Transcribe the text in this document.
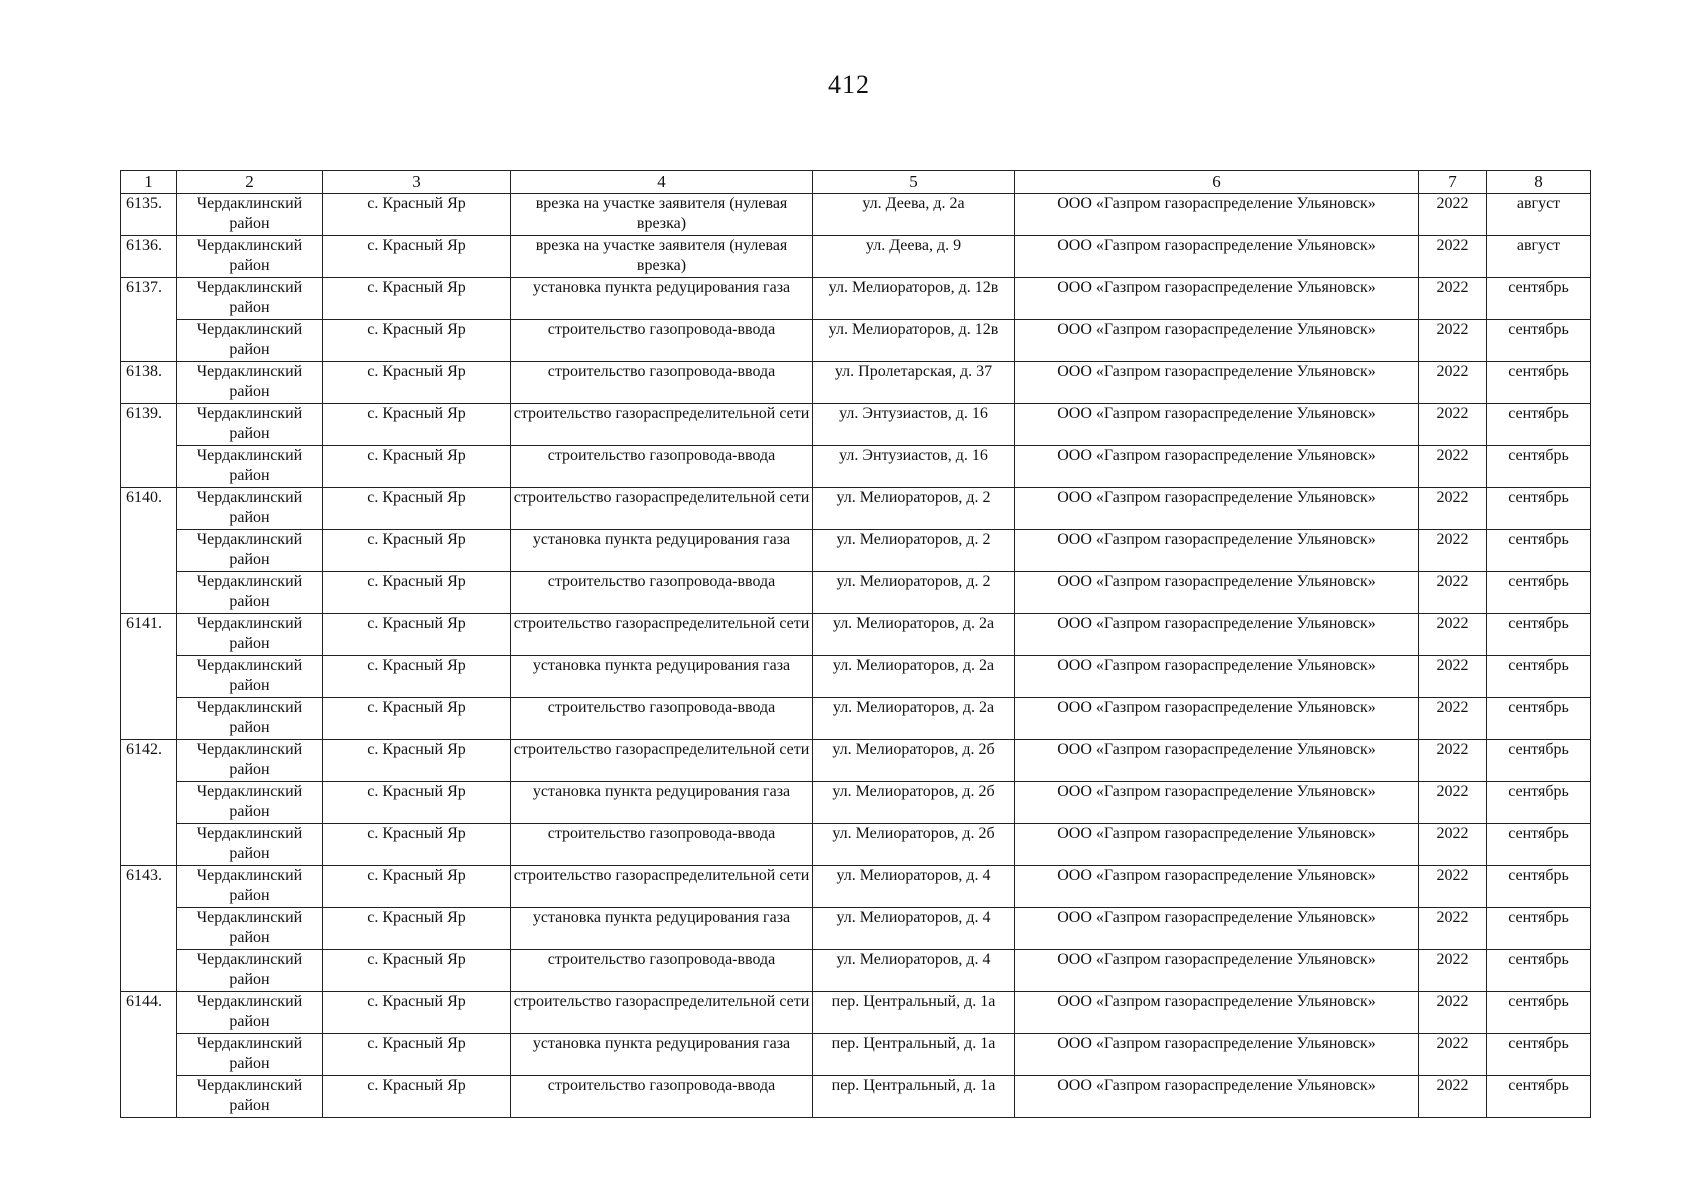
412
1	2	3	4	5	6	7	8
6135.	Чердаклинский район	с. Красный Яр	врезка на участке заявителя (нулевая врезка)	ул. Деева, д. 2а	ООО «Газпром газораспределение Ульяновск»	2022	август
6136.	Чердаклинский район	с. Красный Яр	врезка на участке заявителя (нулевая врезка)	ул. Деева, д. 9	ООО «Газпром газораспределение Ульяновск»	2022	август
6137.	Чердаклинский район	с. Красный Яр	установка пункта редуцирования газа	ул. Мелиораторов, д. 12в	ООО «Газпром газораспределение Ульяновск»	2022	сентябрь
	Чердаклинский район	с. Красный Яр	строительство газопровода-ввода	ул. Мелиораторов, д. 12в	ООО «Газпром газораспределение Ульяновск»	2022	сентябрь
6138.	Чердаклинский район	с. Красный Яр	строительство газопровода-ввода	ул. Пролетарская, д. 37	ООО «Газпром газораспределение Ульяновск»	2022	сентябрь
6139.	Чердаклинский район	с. Красный Яр	строительство газораспределительной сети	ул. Энтузиастов, д. 16	ООО «Газпром газораспределение Ульяновск»	2022	сентябрь
	Чердаклинский район	с. Красный Яр	строительство газопровода-ввода	ул. Энтузиастов, д. 16	ООО «Газпром газораспределение Ульяновск»	2022	сентябрь
6140.	Чердаклинский район	с. Красный Яр	строительство газораспределительной сети	ул. Мелиораторов, д. 2	ООО «Газпром газораспределение Ульяновск»	2022	сентябрь
	Чердаклинский район	с. Красный Яр	установка пункта редуцирования газа	ул. Мелиораторов, д. 2	ООО «Газпром газораспределение Ульяновск»	2022	сентябрь
	Чердаклинский район	с. Красный Яр	строительство газопровода-ввода	ул. Мелиораторов, д. 2	ООО «Газпром газораспределение Ульяновск»	2022	сентябрь
6141.	Чердаклинский район	с. Красный Яр	строительство газораспределительной сети	ул. Мелиораторов, д. 2а	ООО «Газпром газораспределение Ульяновск»	2022	сентябрь
	Чердаклинский район	с. Красный Яр	установка пункта редуцирования газа	ул. Мелиораторов, д. 2а	ООО «Газпром газораспределение Ульяновск»	2022	сентябрь
	Чердаклинский район	с. Красный Яр	строительство газопровода-ввода	ул. Мелиораторов, д. 2а	ООО «Газпром газораспределение Ульяновск»	2022	сентябрь
6142.	Чердаклинский район	с. Красный Яр	строительство газораспределительной сети	ул. Мелиораторов, д. 2б	ООО «Газпром газораспределение Ульяновск»	2022	сентябрь
	Чердаклинский район	с. Красный Яр	установка пункта редуцирования газа	ул. Мелиораторов, д. 2б	ООО «Газпром газораспределение Ульяновск»	2022	сентябрь
	Чердаклинский район	с. Красный Яр	строительство газопровода-ввода	ул. Мелиораторов, д. 2б	ООО «Газпром газораспределение Ульяновск»	2022	сентябрь
6143.	Чердаклинский район	с. Красный Яр	строительство газораспределительной сети	ул. Мелиораторов, д. 4	ООО «Газпром газораспределение Ульяновск»	2022	сентябрь
	Чердаклинский район	с. Красный Яр	установка пункта редуцирования газа	ул. Мелиораторов, д. 4	ООО «Газпром газораспределение Ульяновск»	2022	сентябрь
	Чердаклинский район	с. Красный Яр	строительство газопровода-ввода	ул. Мелиораторов, д. 4	ООО «Газпром газораспределение Ульяновск»	2022	сентябрь
6144.	Чердаклинский район	с. Красный Яр	строительство газораспределительной сети	пер. Центральный, д. 1а	ООО «Газпром газораспределение Ульяновск»	2022	сентябрь
	Чердаклинский район	с. Красный Яр	установка пункта редуцирования газа	пер. Центральный, д. 1а	ООО «Газпром газораспределение Ульяновск»	2022	сентябрь
	Чердаклинский район	с. Красный Яр	строительство газопровода-ввода	пер. Центральный, д. 1а	ООО «Газпром газораспределение Ульяновск»	2022	сентябрь
